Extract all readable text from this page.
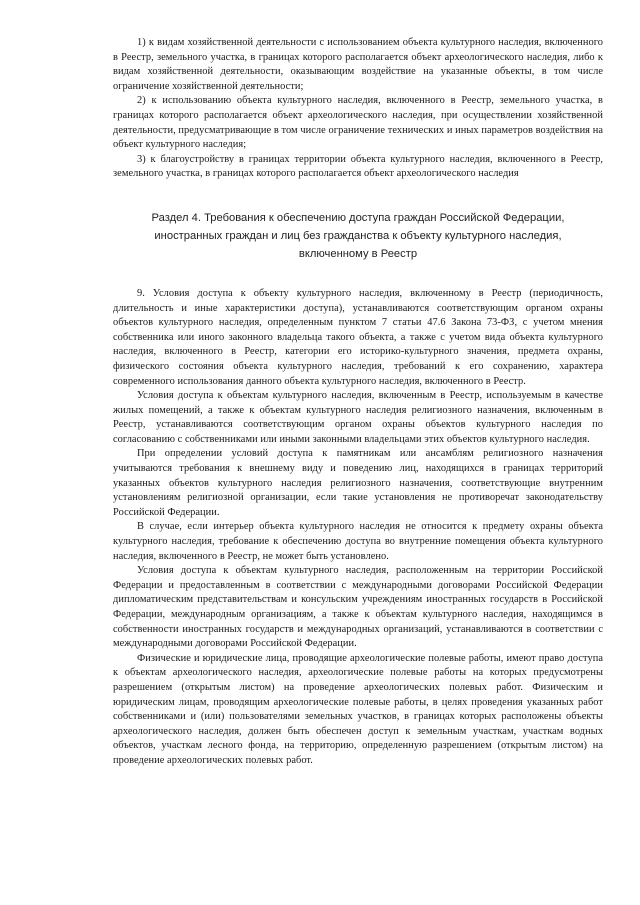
1) к видам хозяйственной деятельности с использованием объекта культурного наследия, включенного в Реестр, земельного участка, в границах которого располагается объект археологического наследия, либо к видам хозяйственной деятельности, оказывающим воздействие на указанные объекты, в том числе ограничение хозяйственной деятельности;

2) к использованию объекта культурного наследия, включенного в Реестр, земельного участка, в границах которого располагается объект археологического наследия, при осуществлении хозяйственной деятельности, предусматривающие в том числе ограничение технических и иных параметров воздействия на объект культурного наследия;

3) к благоустройству в границах территории объекта культурного наследия, включенного в Реестр, земельного участка, в границах которого располагается объект археологического наследия

Раздел 4. Требования к обеспечению доступа граждан Российской Федерации,
иностранных граждан и лиц без гражданства к объекту культурного наследия,
включенному в Реестр

9. Условия доступа к объекту культурного наследия, включенному в Реестр (периодичность, длительность и иные характеристики доступа), устанавливаются соответствующим органом охраны объектов культурного наследия, определенным пунктом 7 статьи 47.6 Закона 73-ФЗ, с учетом мнения собственника или иного законного владельца такого объекта, а также с учетом вида объекта культурного наследия, включенного в Реестр, категории его историко-культурного значения, предмета охраны, физического состояния объекта культурного наследия, требований к его сохранению, характера современного использования данного объекта культурного наследия, включенного в Реестр.

Условия доступа к объектам культурного наследия, включенным в Реестр, используемым в качестве жилых помещений, а также к объектам культурного наследия религиозного назначения, включенным в Реестр, устанавливаются соответствующим органом охраны объектов культурного наследия по согласованию с собственниками или иными законными владельцами этих объектов культурного наследия.

При определении условий доступа к памятникам или ансамблям религиозного назначения учитываются требования к внешнему виду и поведению лиц, находящихся в границах территорий указанных объектов культурного наследия религиозного назначения, соответствующие внутренним установлениям религиозной организации, если такие установления не противоречат законодательству Российской Федерации.

В случае, если интерьер объекта культурного наследия не относится к предмету охраны объекта культурного наследия, требование к обеспечению доступа во внутренние помещения объекта культурного наследия, включенного в Реестр, не может быть установлено.

Условия доступа к объектам культурного наследия, расположенным на территории Российской Федерации и предоставленным в соответствии с международными договорами Российской Федерации дипломатическим представительствам и консульским учреждениям иностранных государств в Российской Федерации, международным организациям, а также к объектам культурного наследия, находящимся в собственности иностранных государств и международных организаций, устанавливаются в соответствии с международными договорами Российской Федерации.

Физические и юридические лица, проводящие археологические полевые работы, имеют право доступа к объектам археологического наследия, археологические полевые работы на которых предусмотрены разрешением (открытым листом) на проведение археологических полевых работ. Физическим и юридическим лицам, проводящим археологические полевые работы, в целях проведения указанных работ собственниками и (или) пользователями земельных участков, в границах которых расположены объекты археологического наследия, должен быть обеспечен доступ к земельным участкам, участкам водных объектов, участкам лесного фонда, на территорию, определенную разрешением (открытым листом) на проведение археологических полевых работ.
